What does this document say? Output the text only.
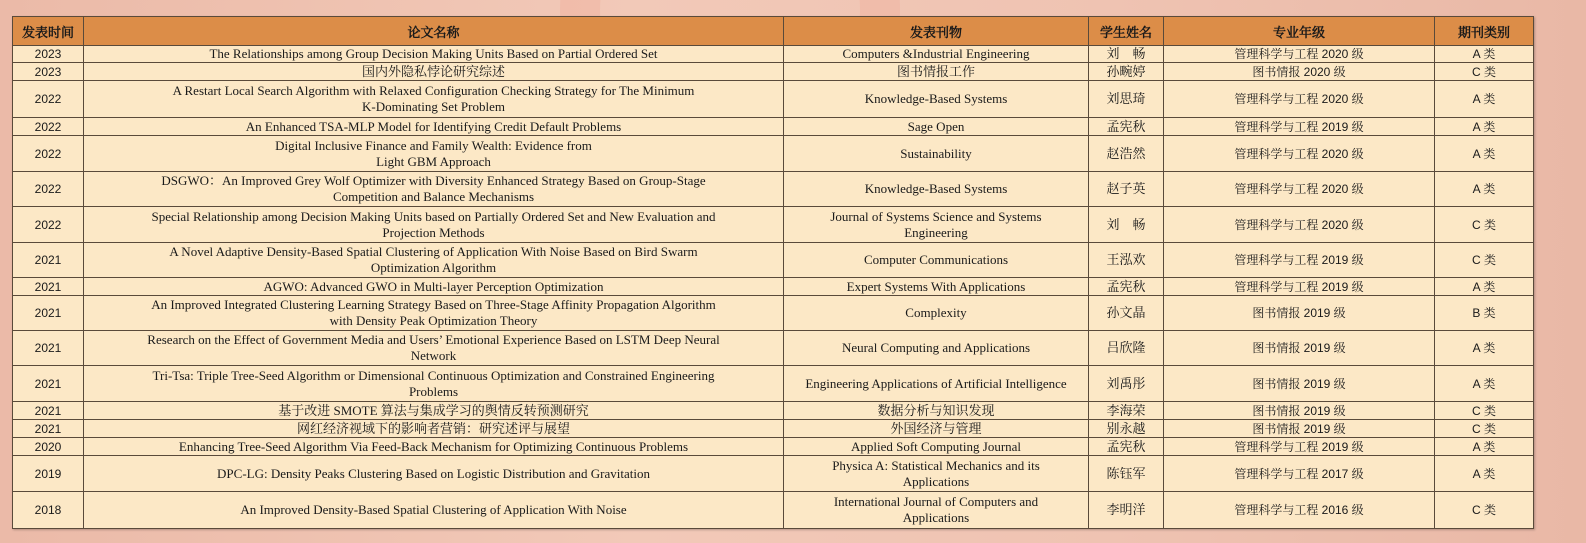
发表时间	论文名称	发表刊物	学生姓名	专业年级	期刊类别
2023	The Relationships among Group Decision Making Units Based on Partial Ordered Set	Computers &Industrial Engineering	刘　畅	管理科学与工程 2020 级	A 类
2023	国内外隐私悖论研究综述	图书情报工作	孙畹婷	图书情报 2020 级	C 类
2022	A Restart Local Search Algorithm with Relaxed Configuration Checking Strategy for The Minimum
K-Dominating Set Problem	Knowledge-Based Systems	刘思琦	管理科学与工程 2020 级	A 类
2022	An Enhanced TSA-MLP Model for Identifying Credit Default Problems	Sage Open	孟宪秋	管理科学与工程 2019 级	A 类
2022	Digital Inclusive Finance and Family Wealth: Evidence from
Light GBM Approach	Sustainability	赵浩然	管理科学与工程 2020 级	A 类
2022	DSGWO：An Improved Grey Wolf Optimizer with Diversity Enhanced Strategy Based on Group-Stage
Competition and Balance Mechanisms	Knowledge-Based Systems	赵子英	管理科学与工程 2020 级	A 类
2022	Special Relationship among Decision Making Units based on Partially Ordered Set and New Evaluation and
Projection Methods	Journal of Systems Science and Systems
Engineering	刘　畅	管理科学与工程 2020 级	C 类
2021	A Novel Adaptive Density-Based Spatial Clustering of Application With Noise Based on Bird Swarm
Optimization Algorithm	Computer Communications	王泓欢	管理科学与工程 2019 级	C 类
2021	AGWO: Advanced GWO in Multi-layer Perception Optimization	Expert Systems With Applications	孟宪秋	管理科学与工程 2019 级	A 类
2021	An Improved Integrated Clustering Learning Strategy Based on Three-Stage Affinity Propagation Algorithm
with Density Peak Optimization Theory	Complexity	孙文晶	图书情报 2019 级	B 类
2021	Research on the Effect of Government Media and Users’ Emotional Experience Based on LSTM Deep Neural
Network	Neural Computing and Applications	吕欣隆	图书情报 2019 级	A 类
2021	Tri-Tsa: Triple Tree-Seed Algorithm or Dimensional Continuous Optimization and Constrained Engineering
Problems	Engineering Applications of Artificial Intelligence	刘禹彤	图书情报 2019 级	A 类
2021	基于改进 SMOTE 算法与集成学习的舆情反转预测研究	数据分析与知识发现	李海荣	图书情报 2019 级	C 类
2021	网红经济视域下的影响者营销：研究述评与展望	外国经济与管理	别永越	图书情报 2019 级	C 类
2020	Enhancing Tree-Seed Algorithm Via Feed-Back Mechanism for Optimizing Continuous Problems	Applied Soft Computing Journal	孟宪秋	管理科学与工程 2019 级	A 类
2019	DPC-LG: Density Peaks Clustering Based on Logistic Distribution and Gravitation	Physica A: Statistical Mechanics and its
Applications	陈钰军	管理科学与工程 2017 级	A 类
2018	An Improved Density-Based Spatial Clustering of Application With Noise	International Journal of Computers and
Applications	李明洋	管理科学与工程 2016 级	C 类
